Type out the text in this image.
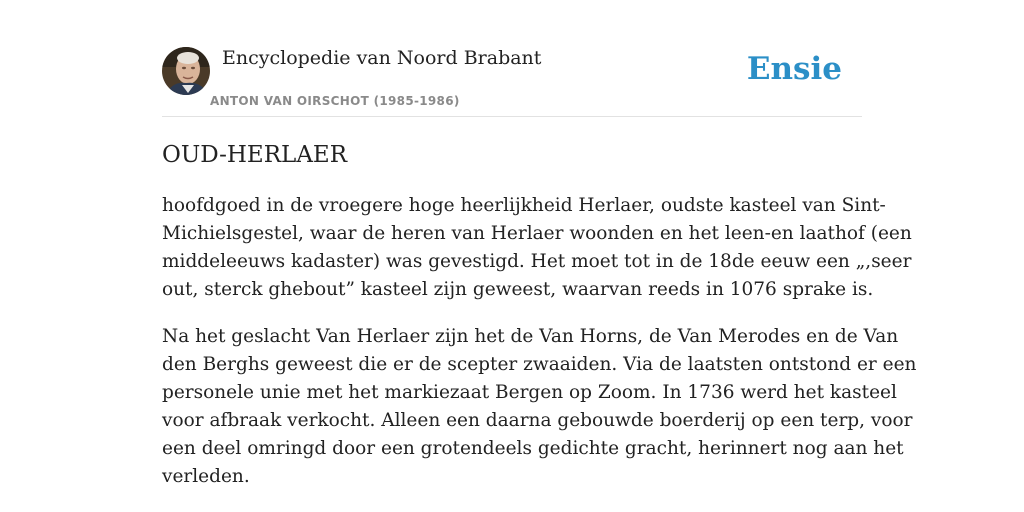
Encyclopedie van Noord Brabant
ANTON VAN OIRSCHOT (1985-1986)
Ensie
OUD-HERLAER

hoofdgoed in de vroegere hoge heerlijkheid Herlaer, oudste kasteel van Sint-
Michielsgestel, waar de heren van Herlaer woonden en het leen-en laathof (een
middeleeuws kadaster) was gevestigd. Het moet tot in de 18de eeuw een „,seer
out, sterck ghebout” kasteel zijn geweest, waarvan reeds in 1076 sprake is.

Na het geslacht Van Herlaer zijn het de Van Horns, de Van Merodes en de Van
den Berghs geweest die er de scepter zwaaiden. Via de laatsten ontstond er een
personele unie met het markiezaat Bergen op Zoom. In 1736 werd het kasteel
voor afbraak verkocht. Alleen een daarna gebouwde boerderij op een terp, voor
een deel omringd door een grotendeels gedichte gracht, herinnert nog aan het
verleden.
